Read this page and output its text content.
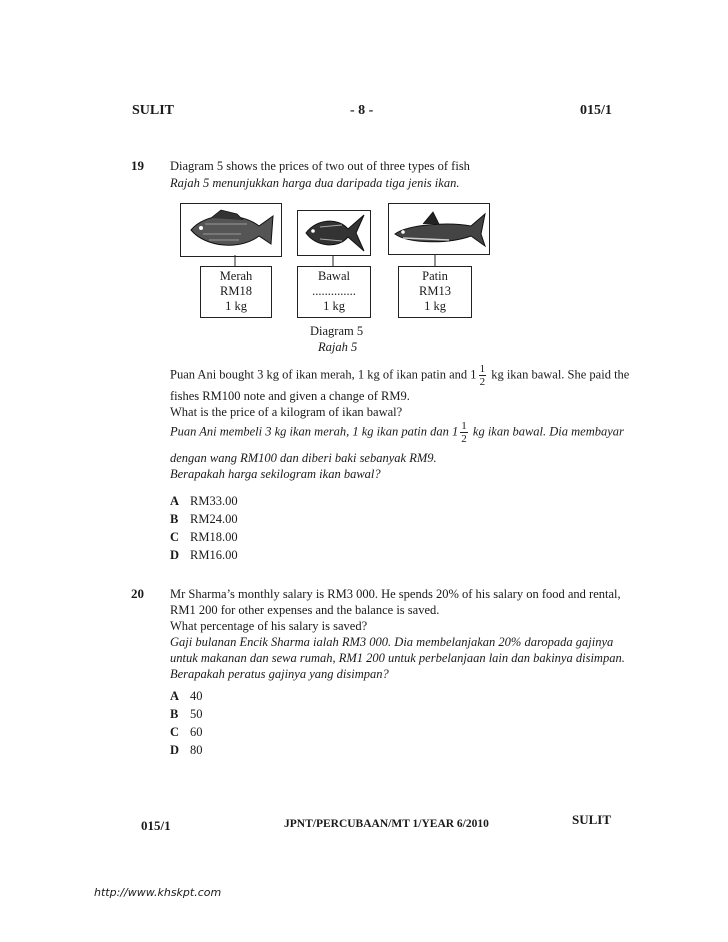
SULIT	- 8 -	015/1
19 Diagram 5 shows the prices of two out of three types of fish
Rajah 5 menunjukkan harga dua daripada tiga jenis ikan.
Merah
RM18
1 kg
Bawal
..............
1 kg
Patin
RM13
1 kg
Diagram 5
Rajah 5
Puan Ani bought 3 kg of ikan merah, 1 kg of ikan patin and $1 \frac{1}{2}$ kg ikan bawal. She paid the
fishes RM100 note and given a change of RM9.
What is the price of a kilogram of ikan bawal?
Puan Ani membeli 3 kg ikan merah, 1 kg ikan patin dan $1 \frac{1}{2}$ kg ikan bawal. Dia membayar
dengan wang RM100 dan diberi baki sebanyak RM9.
Berapakah harga sekilogram ikan bawal?
A RM33.00
B RM24.00
C RM18.00
D RM16.00
20 Mr Sharma’s monthly salary is RM3 000. He spends 20% of his salary on food and rental,
RM1 200 for other expenses and the balance is saved.
What percentage of his salary is saved?
Gaji bulanan Encik Sharma ialah RM3 000. Dia membelanjakan 20% daropada gajinya
untuk makanan dan sewa rumah, RM1 200 untuk perbelanjaan lain dan bakinya disimpan.
Berapakah peratus gajinya yang disimpan?
A 40
B 50
C 60
D 80
015/1	JPNT/PERCUBAAN/MT 1/YEAR 6/2010	SULIT
http://www.khskpt.com
